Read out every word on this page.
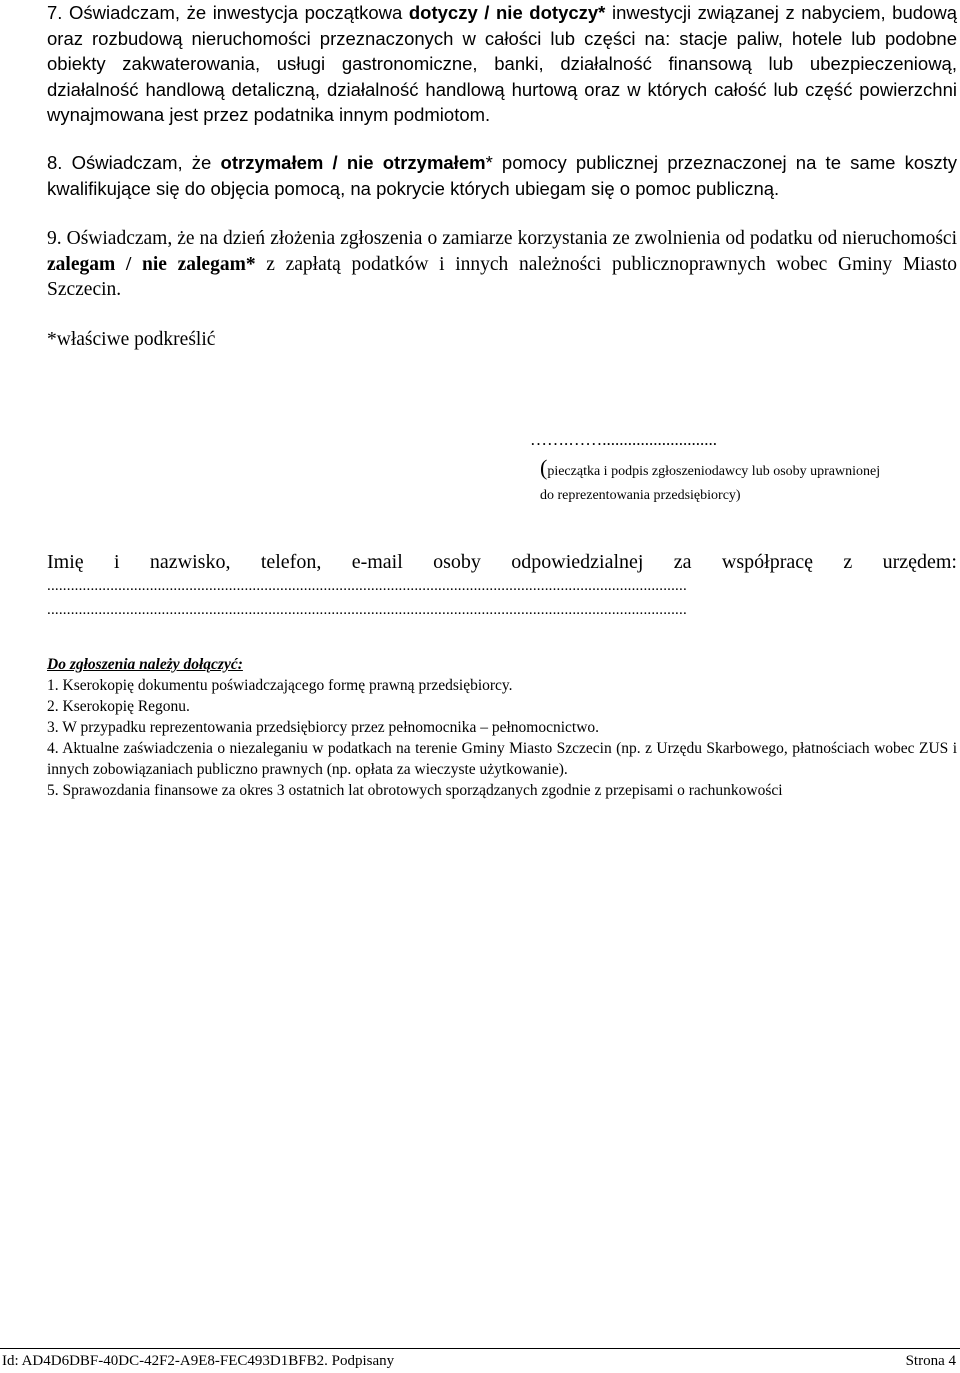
7. Oświadczam, że inwestycja początkowa dotyczy / nie dotyczy* inwestycji związanej z nabyciem, budową oraz rozbudową nieruchomości przeznaczonych w całości lub części na: stacje paliw, hotele lub podobne obiekty zakwaterowania, usługi gastronomiczne, banki, działalność finansową lub ubezpieczeniową, działalność handlową detaliczną, działalność handlową hurtową oraz w których całość lub część powierzchni wynajmowana jest przez podatnika innym podmiotom.

8. Oświadczam, że otrzymałem / nie otrzymałem* pomocy publicznej przeznaczonej na te same koszty kwalifikujące się do objęcia pomocą, na pokrycie których ubiegam się o pomoc publiczną.

9. Oświadczam, że na dzień złożenia zgłoszenia o zamiarze korzystania ze zwolnienia od podatku od nieruchomości zalegam / nie zalegam* z zapłatą podatków i innych należności publicznoprawnych wobec Gminy Miasto Szczecin.

*właściwe podkreślić

…….……...........................
(pieczątka i podpis zgłoszeniodawcy lub osoby uprawnionej
do reprezentowania przedsiębiorcy)
Imię i nazwisko, telefon, e-mail osoby odpowiedzialnej za współpracę z urzędem:
..................................................................................................................................................................
..................................................................................................................................................................
Do zgłoszenia należy dołączyć:
1. Kserokopię dokumentu poświadczającego formę prawną przedsiębiorcy.
2. Kserokopię Regonu.
3. W przypadku reprezentowania przedsiębiorcy przez pełnomocnika – pełnomocnictwo.
4. Aktualne zaświadczenia o niezaleganiu w podatkach na terenie Gminy Miasto Szczecin (np. z Urzędu Skarbowego, płatnościach wobec ZUS i innych zobowiązaniach publiczno prawnych (np. opłata za wieczyste użytkowanie).
5. Sprawozdania finansowe za okres 3 ostatnich lat obrotowych sporządzanych zgodnie z przepisami o rachunkowości
Id: AD4D6DBF-40DC-42F2-A9E8-FEC493D1BFB2. Podpisany	Strona 4
